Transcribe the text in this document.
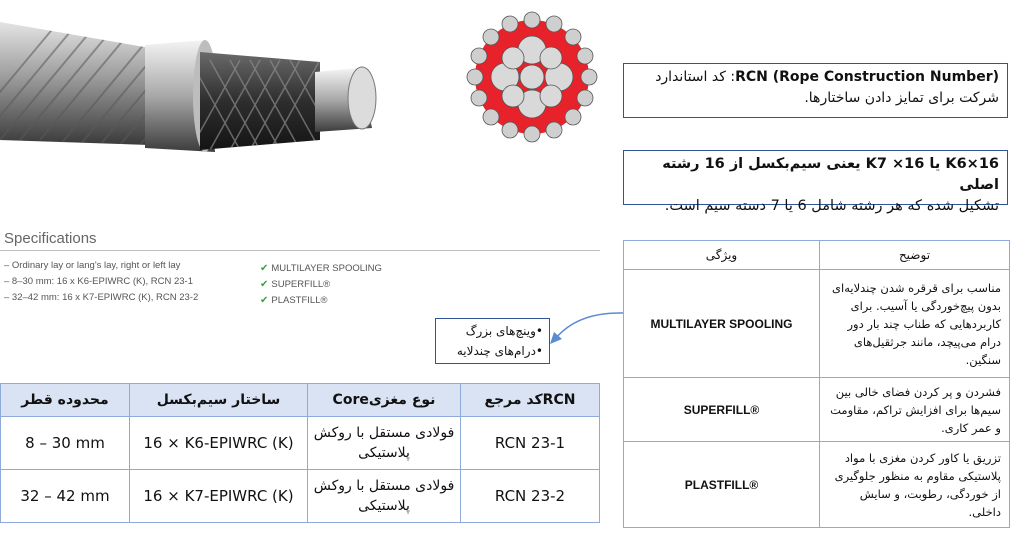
RCN (Rope Construction Number): کد استاندارد
شرکت برای تمایز دادن ساختارها.
16×K6 یا K7 ×16 یعنی سیم‌بکسل از 16 رشته اصلی
تشکیل شده که هر رشته شامل 6 یا 7 دسته سیم است.
Specifications
– Ordinary lay or lang's lay, right or left lay
– 8–30 mm: 16 x K6-EPIWRC (K), RCN 23-1
– 32–42 mm: 16 x K7-EPIWRC (K), RCN 23-2
✔ MULTILAYER SPOOLING
✔ SUPERFILL®
✔ PLASTFILL®
•وینچ‌های بزرگ
•درام‌های چندلایه
محدوده قطر	ساختار سیم‌بکسل	نوع مغزیCore	RCNکد مرجع
8 – 30 mm	16 × K6-EPIWRC (K)	فولادی مستقل با روکش پلاستیکی	RCN 23-1
32 – 42 mm	16 × K7-EPIWRC (K)	فولادی مستقل با روکش پلاستیکی	RCN 23-2
ویژگی	توضیح
MULTILAYER SPOOLING	مناسب برای قرقره شدن چندلایه‌ای بدون پیچ‌خوردگی یا آسیب. برای کاربردهایی که طناب چند بار دور درام می‌پیچد، مانند جرثقیل‌های سنگین.
SUPERFILL®	فشردن و پر کردن فضای خالی بین سیم‌ها برای افزایش تراکم، مقاومت و عمر کاری.
PLASTFILL®	تزریق یا کاور کردن مغزی با مواد پلاستیکی مقاوم به منظور جلوگیری از خوردگی، رطوبت، و سایش داخلی.
